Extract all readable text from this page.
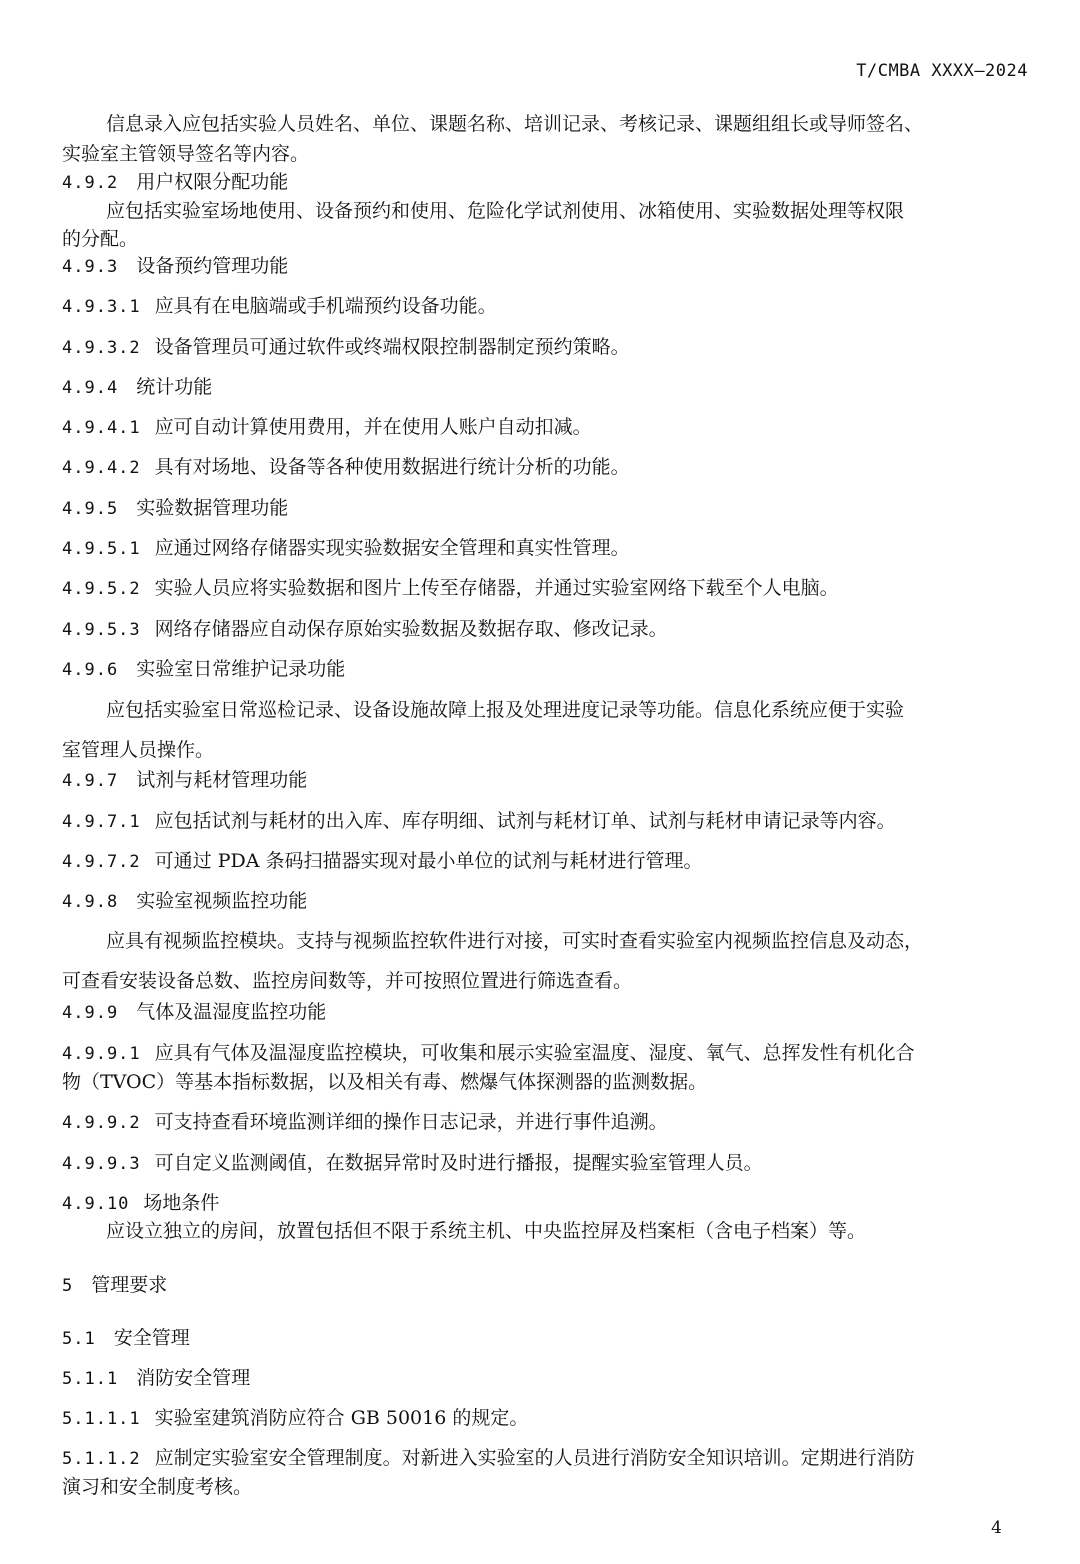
T/CMBA XXXX—2024
信息录入应包括实验人员姓名、单位、课题名称、培训记录、考核记录、课题组组长或导师签名、
实验室主管领导签名等内容。
4.9.2 用户权限分配功能
应包括实验室场地使用、设备预约和使用、危险化学试剂使用、冰箱使用、实验数据处理等权限
的分配。
4.9.3 设备预约管理功能
4.9.3.1 应具有在电脑端或手机端预约设备功能。
4.9.3.2 设备管理员可通过软件或终端权限控制器制定预约策略。
4.9.4 统计功能
4.9.4.1 应可自动计算使用费用，并在使用人账户自动扣减。
4.9.4.2 具有对场地、设备等各种使用数据进行统计分析的功能。
4.9.5 实验数据管理功能
4.9.5.1 应通过网络存储器实现实验数据安全管理和真实性管理。
4.9.5.2 实验人员应将实验数据和图片上传至存储器，并通过实验室网络下载至个人电脑。
4.9.5.3 网络存储器应自动保存原始实验数据及数据存取、修改记录。
4.9.6 实验室日常维护记录功能
应包括实验室日常巡检记录、设备设施故障上报及处理进度记录等功能。信息化系统应便于实验
室管理人员操作。
4.9.7 试剂与耗材管理功能
4.9.7.1 应包括试剂与耗材的出入库、库存明细、试剂与耗材订单、试剂与耗材申请记录等内容。
4.9.7.2 可通过 PDA 条码扫描器实现对最小单位的试剂与耗材进行管理。
4.9.8 实验室视频监控功能
应具有视频监控模块。支持与视频监控软件进行对接，可实时查看实验室内视频监控信息及动态，
可查看安装设备总数、监控房间数等，并可按照位置进行筛选查看。
4.9.9 气体及温湿度监控功能
4.9.9.1 应具有气体及温湿度监控模块，可收集和展示实验室温度、湿度、氧气、总挥发性有机化合
物（TVOC）等基本指标数据，以及相关有毒、燃爆气体探测器的监测数据。
4.9.9.2 可支持查看环境监测详细的操作日志记录，并进行事件追溯。
4.9.9.3 可自定义监测阈值，在数据异常时及时进行播报，提醒实验室管理人员。
4.9.10 场地条件
应设立独立的房间，放置包括但不限于系统主机、中央监控屏及档案柜（含电子档案）等。
5 管理要求
5.1 安全管理
5.1.1 消防安全管理
5.1.1.1 实验室建筑消防应符合 GB 50016 的规定。
5.1.1.2 应制定实验室安全管理制度。对新进入实验室的人员进行消防安全知识培训。定期进行消防
演习和安全制度考核。
4
